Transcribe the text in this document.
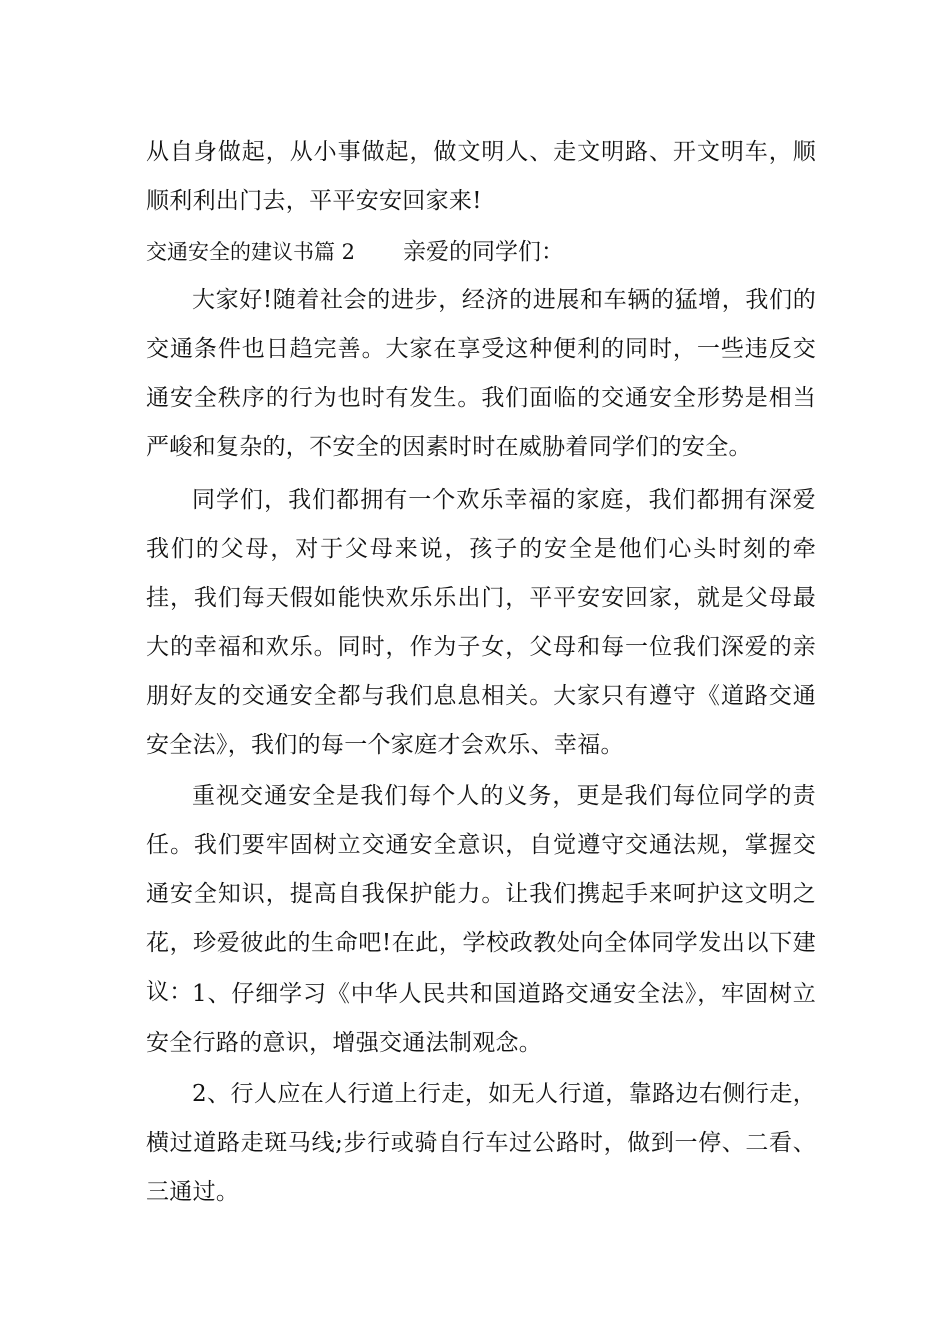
从自身做起，从小事做起，做文明人、走文明路、开文明车，顺顺利利出门去，平平安安回家来!

交通安全的建议书篇 2 亲爱的同学们：

大家好!随着社会的进步，经济的进展和车辆的猛增，我们的交通条件也日趋完善。大家在享受这种便利的同时，一些违反交通安全秩序的行为也时有发生。我们面临的交通安全形势是相当严峻和复杂的，不安全的因素时时在威胁着同学们的安全。

同学们，我们都拥有一个欢乐幸福的家庭，我们都拥有深爱我们的父母，对于父母来说，孩子的安全是他们心头时刻的牵挂，我们每天假如能快欢乐乐出门，平平安安回家，就是父母最大的幸福和欢乐。同时，作为子女，父母和每一位我们深爱的亲朋好友的交通安全都与我们息息相关。大家只有遵守《道路交通安全法》，我们的每一个家庭才会欢乐、幸福。

重视交通安全是我们每个人的义务，更是我们每位同学的责任。我们要牢固树立交通安全意识，自觉遵守交通法规，掌握交通安全知识，提高自我保护能力。让我们携起手来呵护这文明之花，珍爱彼此的生命吧!在此，学校政教处向全体同学发出以下建议： 1、仔细学习《中华人民共和国道路交通安全法》，牢固树立安全行路的意识，增强交通法制观念。

2、行人应在人行道上行走，如无人行道，靠路边右侧行走，横过道路走斑马线;步行或骑自行车过公路时，做到一停、二看、三通过。
